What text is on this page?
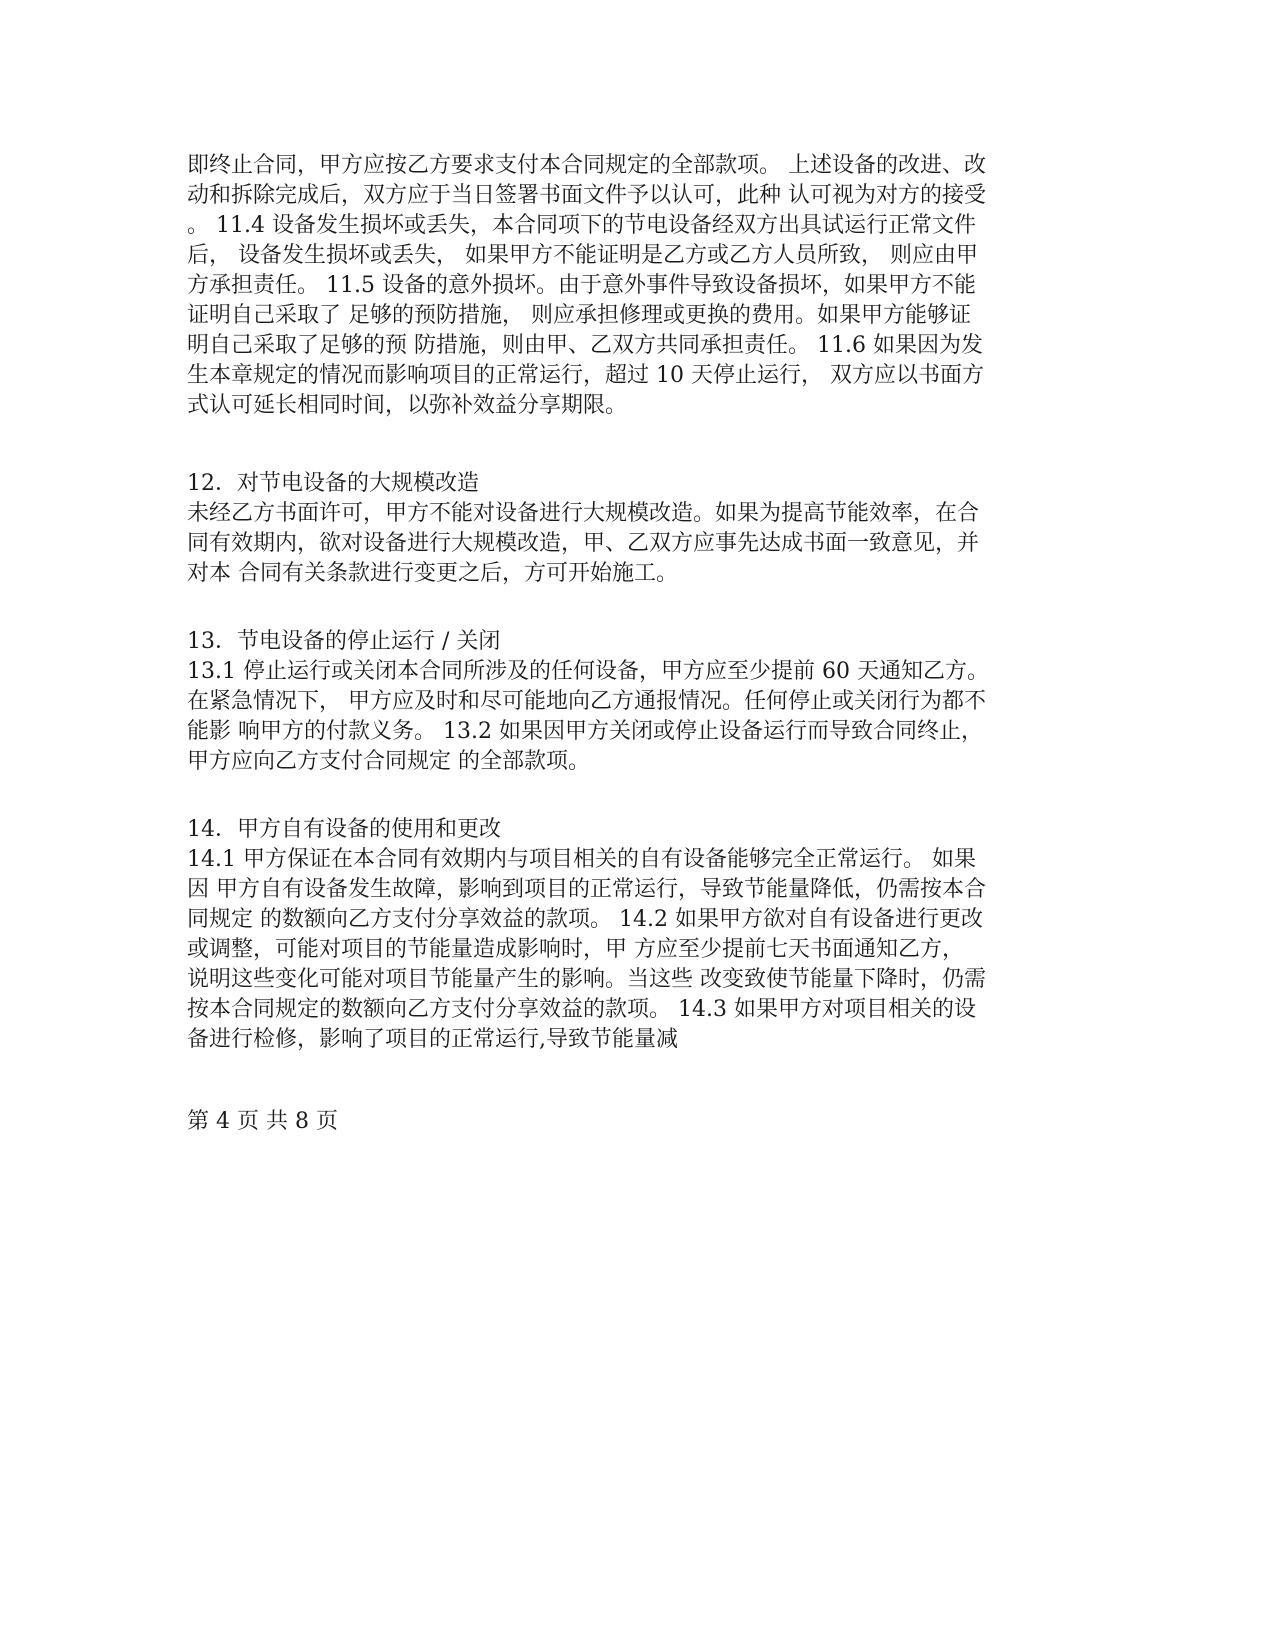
即终止合同，甲方应按乙方要求支付本合同规定的全部款项。 上述设备的改进、改
动和拆除完成后，双方应于当日签署书面文件予以认可，此种 认可视为对方的接受
。 11.4 设备发生损坏或丢失，本合同项下的节电设备经双方出具试运行正常文件
后， 设备发生损坏或丢失， 如果甲方不能证明是乙方或乙方人员所致， 则应由甲
方承担责任。 11.5 设备的意外损坏。由于意外事件导致设备损坏，如果甲方不能
证明自己采取了 足够的预防措施， 则应承担修理或更换的费用。如果甲方能够证
明自己采取了足够的预 防措施，则由甲、乙双方共同承担责任。 11.6 如果因为发
生本章规定的情况而影响项目的正常运行，超过 10 天停止运行， 双方应以书面方
式认可延长相同时间，以弥补效益分享期限。
12．对节电设备的大规模改造
未经乙方书面许可，甲方不能对设备进行大规模改造。如果为提高节能效率，在合
同有效期内，欲对设备进行大规模改造，甲、乙双方应事先达成书面一致意见，并
对本 合同有关条款进行变更之后，方可开始施工。
13．节电设备的停止运行 / 关闭
13.1 停止运行或关闭本合同所涉及的任何设备，甲方应至少提前 60 天通知乙方。
在紧急情况下， 甲方应及时和尽可能地向乙方通报情况。任何停止或关闭行为都不
能影 响甲方的付款义务。 13.2 如果因甲方关闭或停止设备运行而导致合同终止，
甲方应向乙方支付合同规定 的全部款项。
14．甲方自有设备的使用和更改
14.1 甲方保证在本合同有效期内与项目相关的自有设备能够完全正常运行。 如果
因 甲方自有设备发生故障，影响到项目的正常运行，导致节能量降低，仍需按本合
同规定 的数额向乙方支付分享效益的款项。 14.2 如果甲方欲对自有设备进行更改
或调整，可能对项目的节能量造成影响时，甲 方应至少提前七天书面通知乙方，
说明这些变化可能对项目节能量产生的影响。当这些 改变致使节能量下降时，仍需
按本合同规定的数额向乙方支付分享效益的款项。 14.3 如果甲方对项目相关的设
备进行检修，影响了项目的正常运行,导致节能量减
第 4 页 共 8 页
